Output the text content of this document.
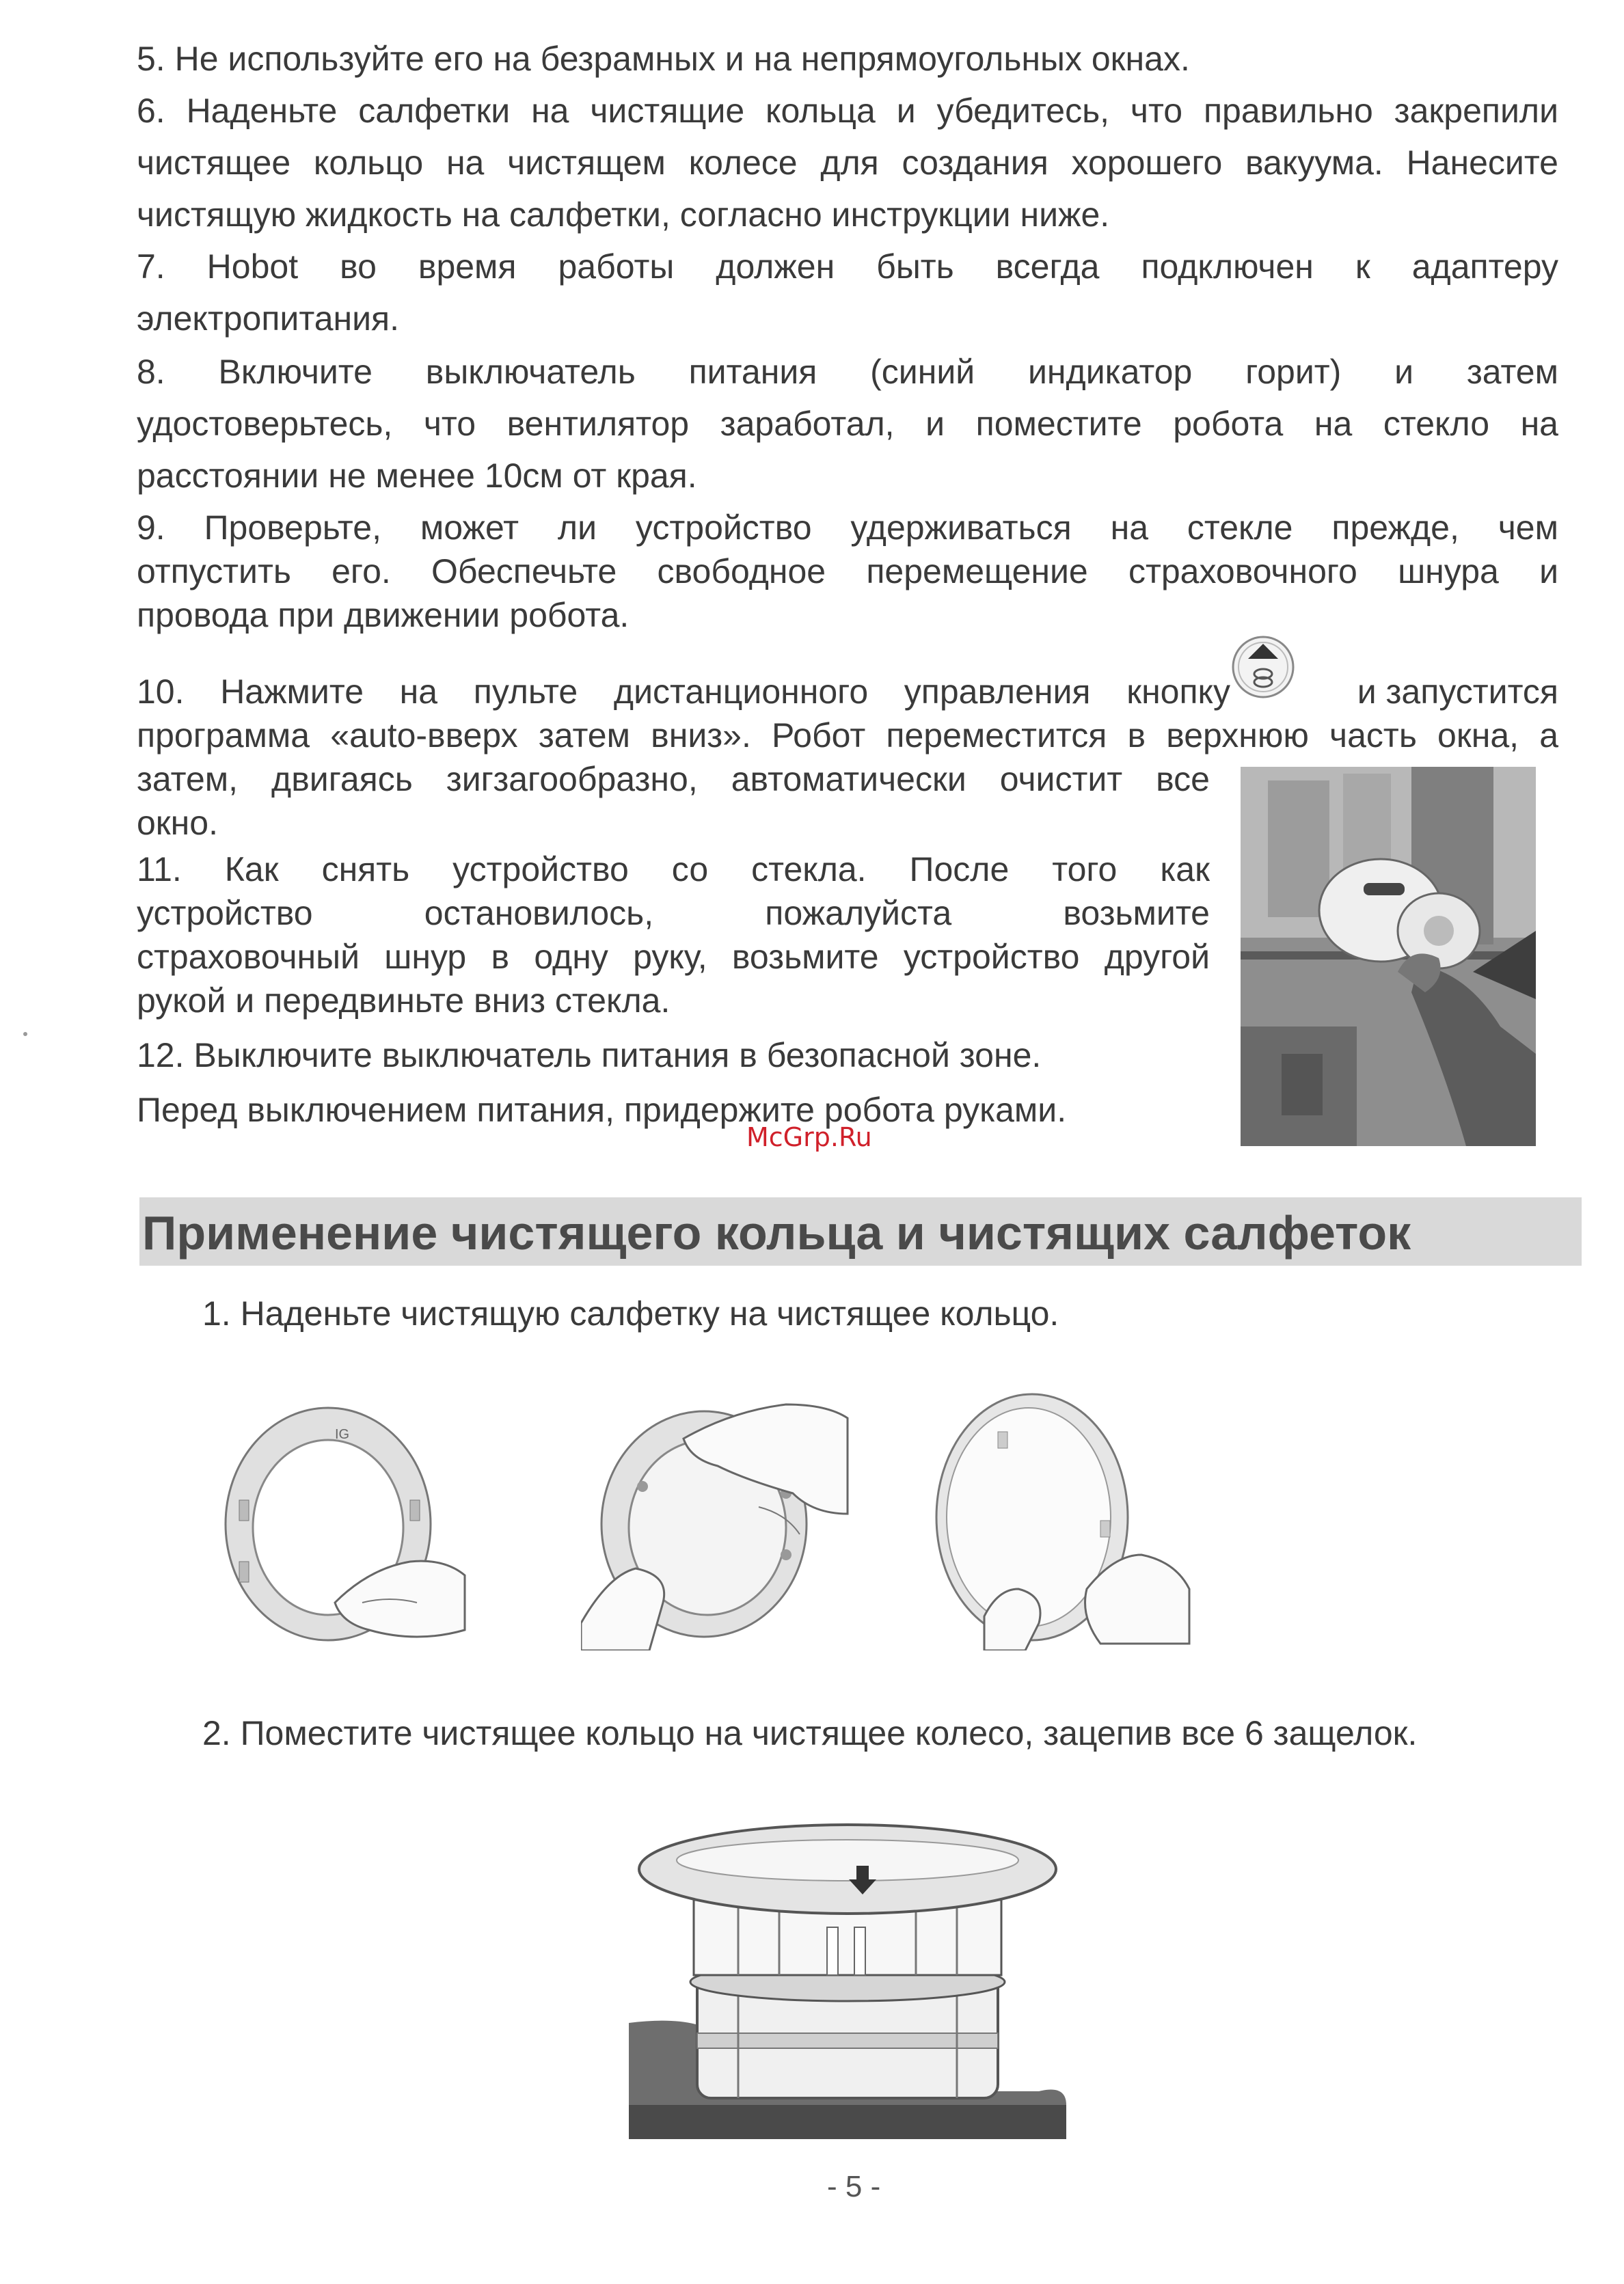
5. Не используйте его на безрамных и на непрямоугольных окнах.

6. Наденьте салфетки на чистящие кольца и убедитесь, что правильно закрепили

чистящее кольцо на чистящем колесе для создания хорошего вакуума. Нанесите

чистящую жидкость на салфетки, согласно инструкции ниже.

7. Hobot во время работы должен быть всегда подключен к адаптеру

электропитания.

8. Включите выключатель питания (синий индикатор горит) и затем

удостоверьтесь, что вентилятор заработал, и поместите робота на стекло на

расстоянии не менее 10см от края.

9. Проверьте, может ли устройство удерживаться на стекле прежде, чем

отпустить его. Обеспечьте свободное перемещение страховочного шнура и

провода при движении робота.

10. Нажмите на пульте дистанционного управления кнопку	и запустится

программа «auto-вверх затем вниз». Робот переместится в верхнюю часть окна, а

затем, двигаясь зигзагообразно, автоматически очистит все

окно.

11. Как снять устройство со стекла. После того как

устройство остановилось, пожалуйста возьмите

страховочный шнур в одну руку, возьмите устройство другой

рукой и передвиньте вниз стекла.

12. Выключите выключатель питания в безопасной зоне.

Перед выключением питания, придержите робота руками.

McGrp.Ru
Применение чистящего кольца и чистящих салфеток

1. Наденьте чистящую салфетку на чистящее кольцо.

IG

2. Поместите чистящее кольцо на чистящее колесо, зацепив все 6 защелок.

- 5 -
